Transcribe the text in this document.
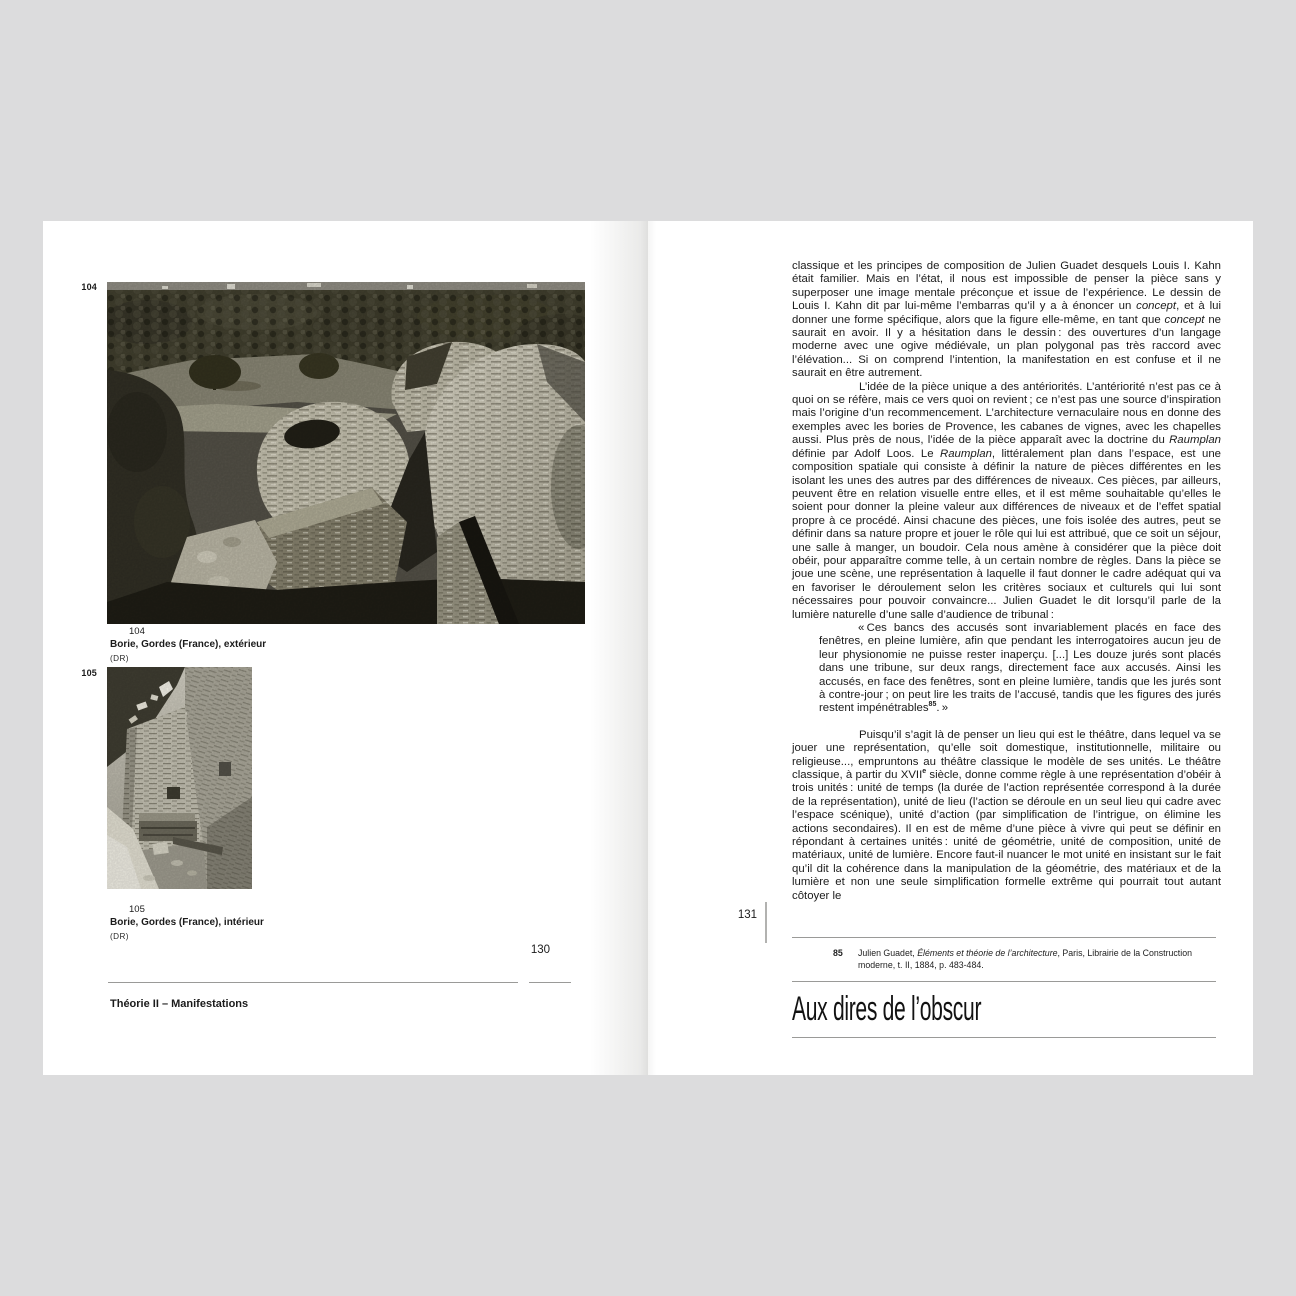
104
104
Borie, Gordes (France), extérieur
(DR)
105
105
Borie, Gordes (France), intérieur
(DR)
130
Théorie II – Manifestations

classique et les principes de composition de Julien Guadet desquels Louis I. Kahn était familier. Mais en l’état, il nous est impossible de penser la pièce sans y superposer une image mentale préconçue et issue de l’expérience. Le dessin de Louis I. Kahn dit par lui-même l’embarras qu’il y a à énoncer un concept, et à lui donner une forme spécifique, alors que la figure elle-même, en tant que concept ne saurait en avoir. Il y a hésitation dans le dessin : des ouvertures d’un langage moderne avec une ogive médiévale, un plan polygonal pas très raccord avec l’élévation... Si on comprend l’intention, la manifestation en est confuse et il ne saurait en être autrement.

L’idée de la pièce unique a des antériorités. L’antériorité n’est pas ce à quoi on se réfère, mais ce vers quoi on revient ; ce n’est pas une source d’inspiration mais l’origine d’un recommencement. L’architecture vernaculaire nous en donne des exemples avec les bories de Provence, les cabanes de vignes, avec les chapelles aussi. Plus près de nous, l’idée de la pièce apparaît avec la doctrine du Raumplan définie par Adolf Loos. Le Raumplan, littéralement plan dans l’espace, est une composition spatiale qui consiste à définir la nature de pièces différentes en les isolant les unes des autres par des différences de niveaux. Ces pièces, par ailleurs, peuvent être en relation visuelle entre elles, et il est même souhaitable qu’elles le soient pour donner la pleine valeur aux différences de niveaux et de l’effet spatial propre à ce procédé. Ainsi chacune des pièces, une fois isolée des autres, peut se définir dans sa nature propre et jouer le rôle qui lui est attribué, que ce soit un séjour, une salle à manger, un boudoir. Cela nous amène à considérer que la pièce doit obéir, pour apparaître comme telle, à un certain nombre de règles. Dans la pièce se joue une scène, une représentation à laquelle il faut donner le cadre adéquat qui va en favoriser le déroulement selon les critères sociaux et culturels qui lui sont nécessaires pour pouvoir convaincre... Julien Guadet le dit lorsqu’il parle de la lumière naturelle d’une salle d’audience de tribunal :

« Ces bancs des accusés sont invariablement placés en face des fenêtres, en pleine lumière, afin que pendant les interrogatoires aucun jeu de leur physionomie ne puisse rester inaperçu. [...] Les douze jurés sont placés dans une tribune, sur deux rangs, directement face aux accusés. Ainsi les accusés, en face des fenêtres, sont en pleine lumière, tandis que les jurés sont à contre-jour ; on peut lire les traits de l’accusé, tandis que les figures des jurés restent impénétrables$^{85}$. »

Puisqu’il s’agit là de penser un lieu qui est le théâtre, dans lequel va se jouer une représentation, qu’elle soit domestique, institutionnelle, militaire ou religieuse..., empruntons au théâtre classique le modèle de ses unités. Le théâtre classique, à partir du XVIIe siècle, donne comme règle à une représentation d’obéir à trois unités : unité de temps (la durée de l’action représentée correspond à la durée de la représentation), unité de lieu (l’action se déroule en un seul lieu qui cadre avec l’espace scénique), unité d’action (par simplification de l’intrigue, on élimine les actions secondaires). Il en est de même d’une pièce à vivre qui peut se définir en répondant à certaines unités : unité de géométrie, unité de composition, unité de matériaux, unité de lumière. Encore faut-il nuancer le mot unité en insistant sur le fait qu’il dit la cohérence dans la manipulation de la géométrie, des matériaux et de la lumière et non une seule simplification formelle extrême qui pourrait tout autant côtoyer le

131
85	Julien Guadet, Éléments et théorie de l’architecture, Paris, Librairie de la Construction moderne, t. II, 1884, p. 483-484.
Aux dires de l’obscur
